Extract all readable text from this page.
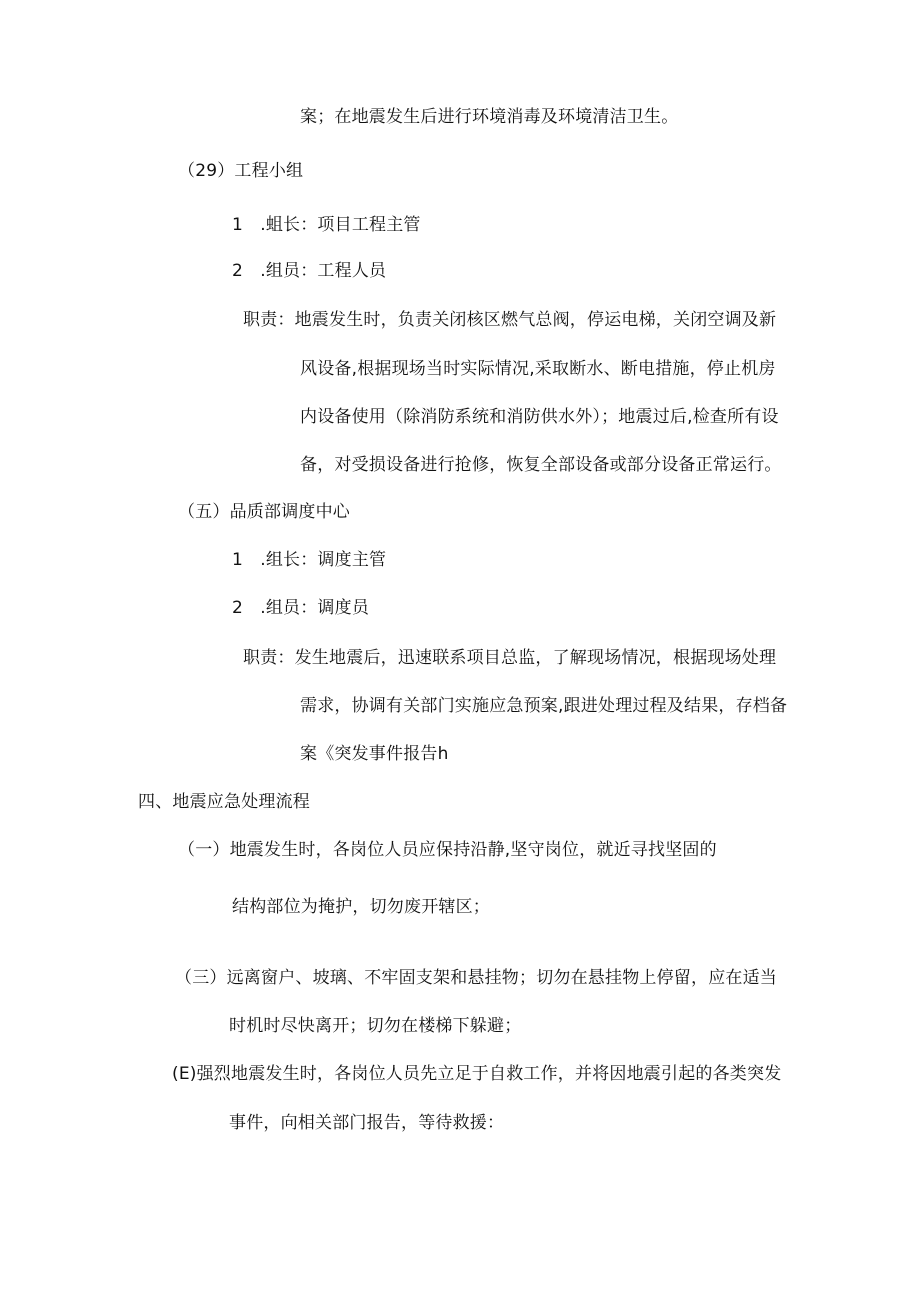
案；在地震发生后进行环境消毒及环境清洁卫生。
（29）工程小组
1　.蛆长：项目工程主管
2　.组员：工程人员
职责：地震发生时，负责关闭核区燃气总阀，停运电梯，关闭空调及新
风设备,根据现场当时实际情况,采取断水、断电措施，停止机房
内设备使用（除消防系统和消防供水外）；地震过后,检查所有设
备，对受损设备进行抢修，恢复全部设备或部分设备正常运行。
（五）品质部调度中心
1　.组长：调度主管
2　.组员：调度员
职责：发生地震后，迅速联系项目总监，了解现场情况，根据现场处理
需求，协调有关部门实施应急预案,跟进处理过程及结果，存档备
案《突发事件报告h
四、地震应急处理流程
（一）地震发生时，各岗位人员应保持沿静,坚守岗位，就近寻找坚固的
结构部位为掩护，切勿废开辖区；
（三）远离窗户、坡璃、不牢固支架和悬挂物；切勿在悬挂物上停留，应在适当
时机时尽快离开；切勿在楼梯下躲避；
(E)强烈地震发生时，各岗位人员先立足于自救工作，并将因地震引起的各类突发
事件，向相关部门报告，等待救援：
